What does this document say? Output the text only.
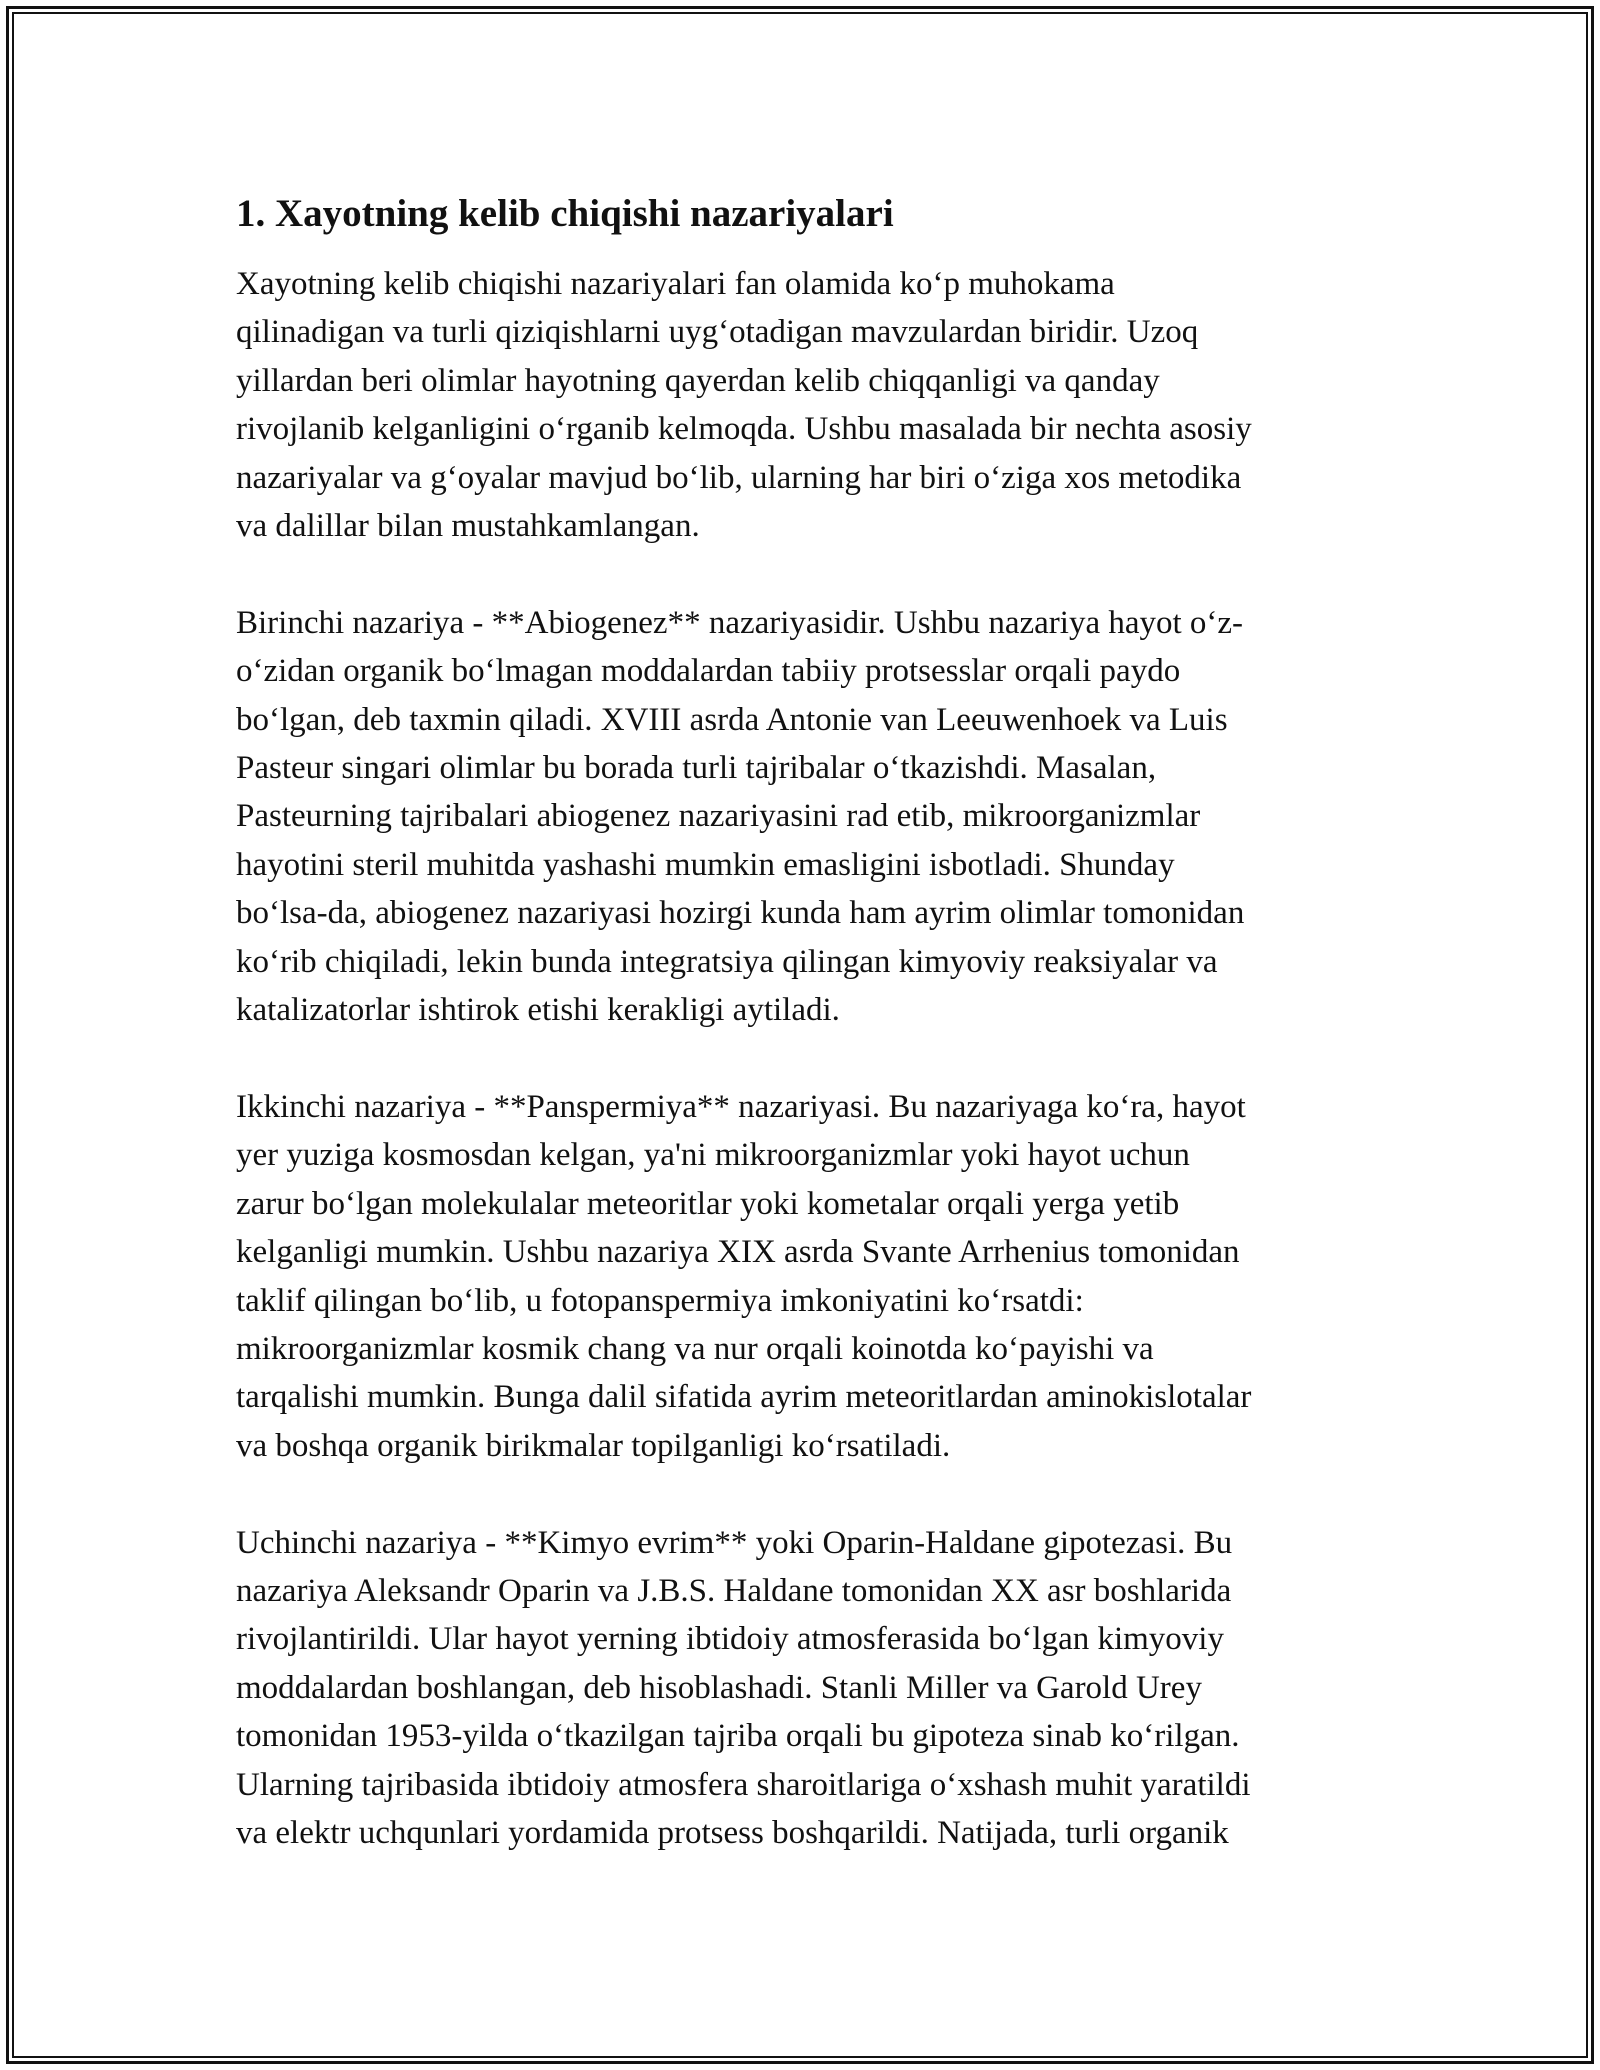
1. Xayotning kelib chiqishi nazariyalari
Xayotning kelib chiqishi nazariyalari fan olamida koʻp muhokama
qilinadigan va turli qiziqishlarni uygʻotadigan mavzulardan biridir. Uzoq
yillardan beri olimlar hayotning qayerdan kelib chiqqanligi va qanday
rivojlanib kelganligini oʻrganib kelmoqda. Ushbu masalada bir nechta asosiy
nazariyalar va gʻoyalar mavjud boʻlib, ularning har biri oʻziga xos metodika
va dalillar bilan mustahkamlangan.
Birinchi nazariya - **Abiogenez** nazariyasidir. Ushbu nazariya hayot oʻz-
oʻzidan organik boʻlmagan moddalardan tabiiy protsesslar orqali paydo
boʻlgan, deb taxmin qiladi. XVIII asrda Antonie van Leeuwenhoek va Luis
Pasteur singari olimlar bu borada turli tajribalar oʻtkazishdi. Masalan,
Pasteurning tajribalari abiogenez nazariyasini rad etib, mikroorganizmlar
hayotini steril muhitda yashashi mumkin emasligini isbotladi. Shunday
boʻlsa-da, abiogenez nazariyasi hozirgi kunda ham ayrim olimlar tomonidan
koʻrib chiqiladi, lekin bunda integratsiya qilingan kimyoviy reaksiyalar va
katalizatorlar ishtirok etishi kerakligi aytiladi.
Ikkinchi nazariya - **Panspermiya** nazariyasi. Bu nazariyaga koʻra, hayot
yer yuziga kosmosdan kelgan, ya'ni mikroorganizmlar yoki hayot uchun
zarur boʻlgan molekulalar meteoritlar yoki kometalar orqali yerga yetib
kelganligi mumkin. Ushbu nazariya XIX asrda Svante Arrhenius tomonidan
taklif qilingan boʻlib, u fotopanspermiya imkoniyatini koʻrsatdi:
mikroorganizmlar kosmik chang va nur orqali koinotda koʻpayishi va
tarqalishi mumkin. Bunga dalil sifatida ayrim meteoritlardan aminokislotalar
va boshqa organik birikmalar topilganligi koʻrsatiladi.
Uchinchi nazariya - **Kimyo evrim** yoki Oparin-Haldane gipotezasi. Bu
nazariya Aleksandr Oparin va J.B.S. Haldane tomonidan XX asr boshlarida
rivojlantirildi. Ular hayot yerning ibtidoiy atmosferasida boʻlgan kimyoviy
moddalardan boshlangan, deb hisoblashadi. Stanli Miller va Garold Urey
tomonidan 1953-yilda oʻtkazilgan tajriba orqali bu gipoteza sinab koʻrilgan.
Ularning tajribasida ibtidoiy atmosfera sharoitlariga oʻxshash muhit yaratildi
va elektr uchqunlari yordamida protsess boshqarildi. Natijada, turli organik
